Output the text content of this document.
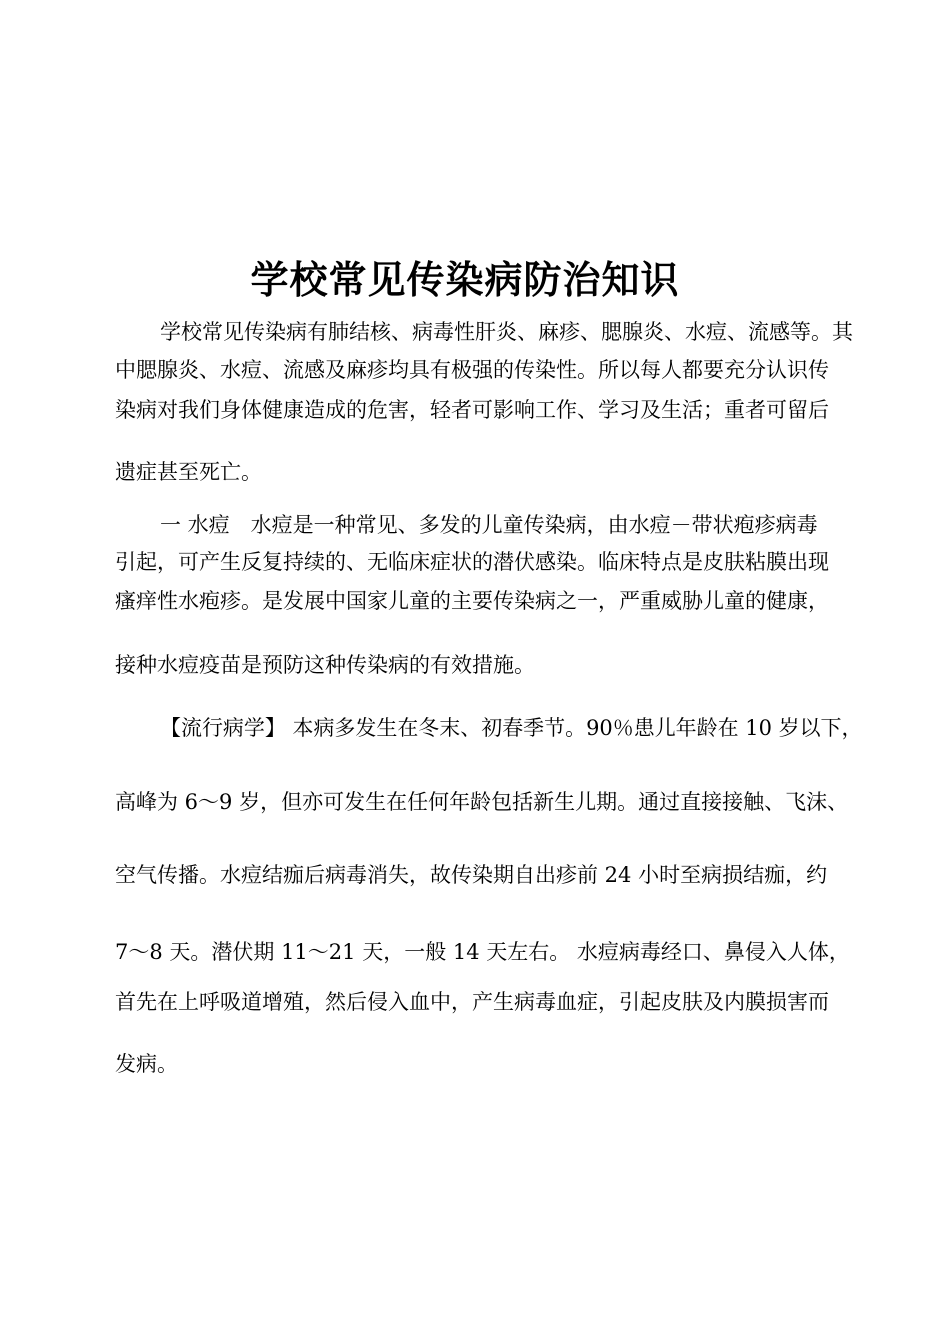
学校常见传染病防治知识
学校常见传染病有肺结核、病毒性肝炎、麻疹、腮腺炎、水痘、流感等。其
中腮腺炎、水痘、流感及麻疹均具有极强的传染性。所以每人都要充分认识传
染病对我们身体健康造成的危害，轻者可影响工作、学习及生活；重者可留后
遗症甚至死亡。
一 水痘　水痘是一种常见、多发的儿童传染病，由水痘－带状疱疹病毒
引起，可产生反复持续的、无临床症状的潜伏感染。临床特点是皮肤粘膜出现
瘙痒性水疱疹。是发展中国家儿童的主要传染病之一，严重威胁儿童的健康，
接种水痘疫苗是预防这种传染病的有效措施。
【流行病学】 本病多发生在冬末、初春季节。90％患儿年龄在 10 岁以下，
高峰为 6～9 岁，但亦可发生在任何年龄包括新生儿期。通过直接接触、飞沫、
空气传播。水痘结痂后病毒消失，故传染期自出疹前 24 小时至病损结痂，约
7～8 天。潜伏期 11～21 天，一般 14 天左右。 水痘病毒经口、鼻侵入人体，
首先在上呼吸道增殖，然后侵入血中，产生病毒血症，引起皮肤及内膜损害而
发病。
